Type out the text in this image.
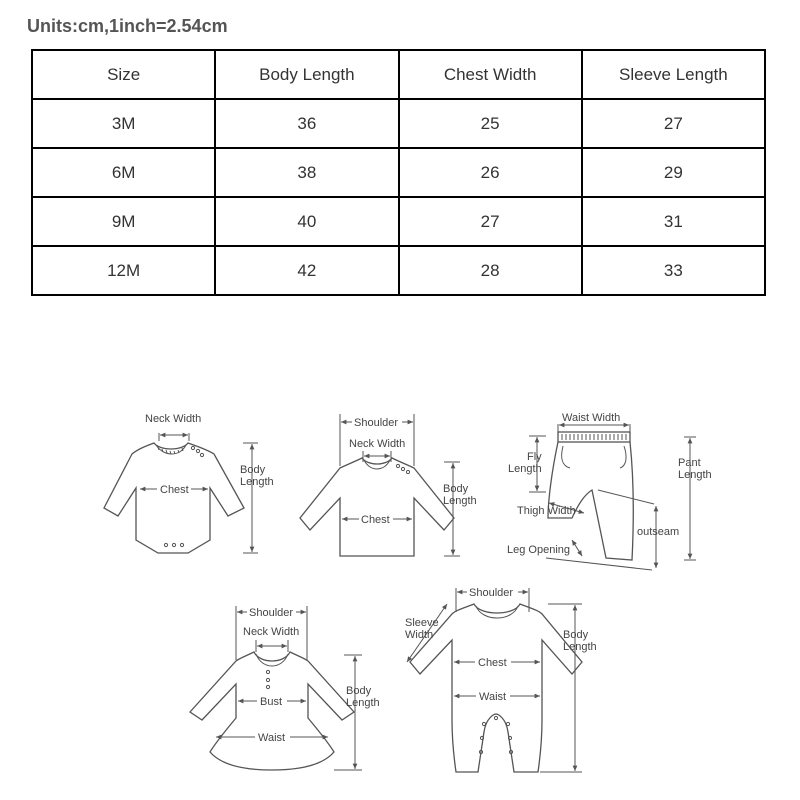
Units:cm,1inch=2.54cm
Size	Body Length	Chest Width	Sleeve Length
3M	36	25	27
6M	38	26	29
9M	40	27	31
12M	42	28	33
Neck Width
Chest
Body
Length
Shoulder
Neck Width
Chest
Body
Length
Waist Width
Fly
Length	Pant
Length
Thigh Width
outseam
Leg Opening
Shoulder
Neck Width
Bust
Waist
Body
Length
Shoulder
Sleeve
Width
Chest
Waist
Body
Length
